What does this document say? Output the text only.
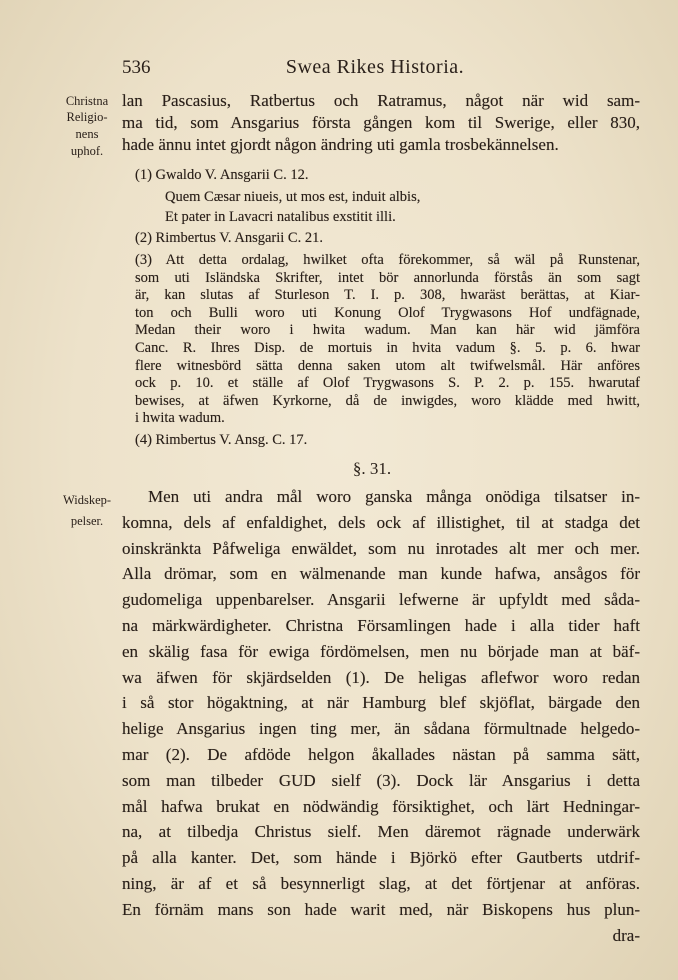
536	Swea Rikes Historia.
Christna
Religio-
nens
uphof.
lan Pascasius, Ratbertus och Ratramus, något när wid sam-
ma tid, som Ansgarius första gången kom til Swerige, eller 830,
hade ännu intet gjordt någon ändring uti gamla trosbekännelsen.
(1) Gwaldo V. Ansgarii C. 12.
Quem Cæsar niueis, ut mos est, induit albis,
Et pater in Lavacri natalibus exstitit illi.
(2) Rimbertus V. Ansgarii C. 21.
(3) Att detta ordalag, hwilket ofta förekommer, så wäl på Runstenar,
som uti Isländska Skrifter, intet bör annorlunda förstås än som sagt
är, kan slutas af Sturleson T. I. p. 308, hwaräst berättas, at Kiar-
ton och Bulli woro uti Konung Olof Trygwasons Hof undfägnade,
Medan their woro i hwita wadum. Man kan här wid jämföra
Canc. R. Ihres Disp. de mortuis in hvita vadum §. 5. p. 6. hwar
flere witnesbörd sätta denna saken utom alt twifwelsmål. Här anföres
ock p. 10. et ställe af Olof Trygwasons S. P. 2. p. 155. hwarutaf
bewises, at äfwen Kyrkorne, då de inwigdes, woro klädde med hwitt,
i hwita wadum.
(4) Rimbertus V. Ansg. C. 17.
§. 31.
Widskep-
pelser.
Men uti andra mål woro ganska många onödiga tilsatser in-
komna, dels af enfaldighet, dels ock af illistighet, til at stadga det
oinskränkta Påfweliga enwäldet, som nu inrotades alt mer och mer.
Alla drömar, som en wälmenande man kunde hafwa, ansågos för
gudomeliga uppenbarelser. Ansgarii lefwerne är upfyldt med såda-
na märkwärdigheter. Christna Församlingen hade i alla tider haft
en skälig fasa för ewiga fördömelsen, men nu började man at bäf-
wa äfwen för skjärdselden (1). De heligas aflefwor woro redan
i så stor högaktning, at när Hamburg blef skjöflat, bärgade den
helige Ansgarius ingen ting mer, än sådana förmultnade helgedo-
mar (2). De afdöde helgon åkallades nästan på samma sätt,
som man tilbeder GUD sielf (3). Dock lär Ansgarius i detta
mål hafwa brukat en nödwändig försiktighet, och lärt Hedningar-
na, at tilbedja Christus sielf. Men däremot rägnade underwärk
på alla kanter. Det, som hände i Björkö efter Gautberts utdrif-
ning, är af et så besynnerligt slag, at det förtjenar at anföras.
En förnäm mans son hade warit med, när Biskopens hus plun-
dra-
